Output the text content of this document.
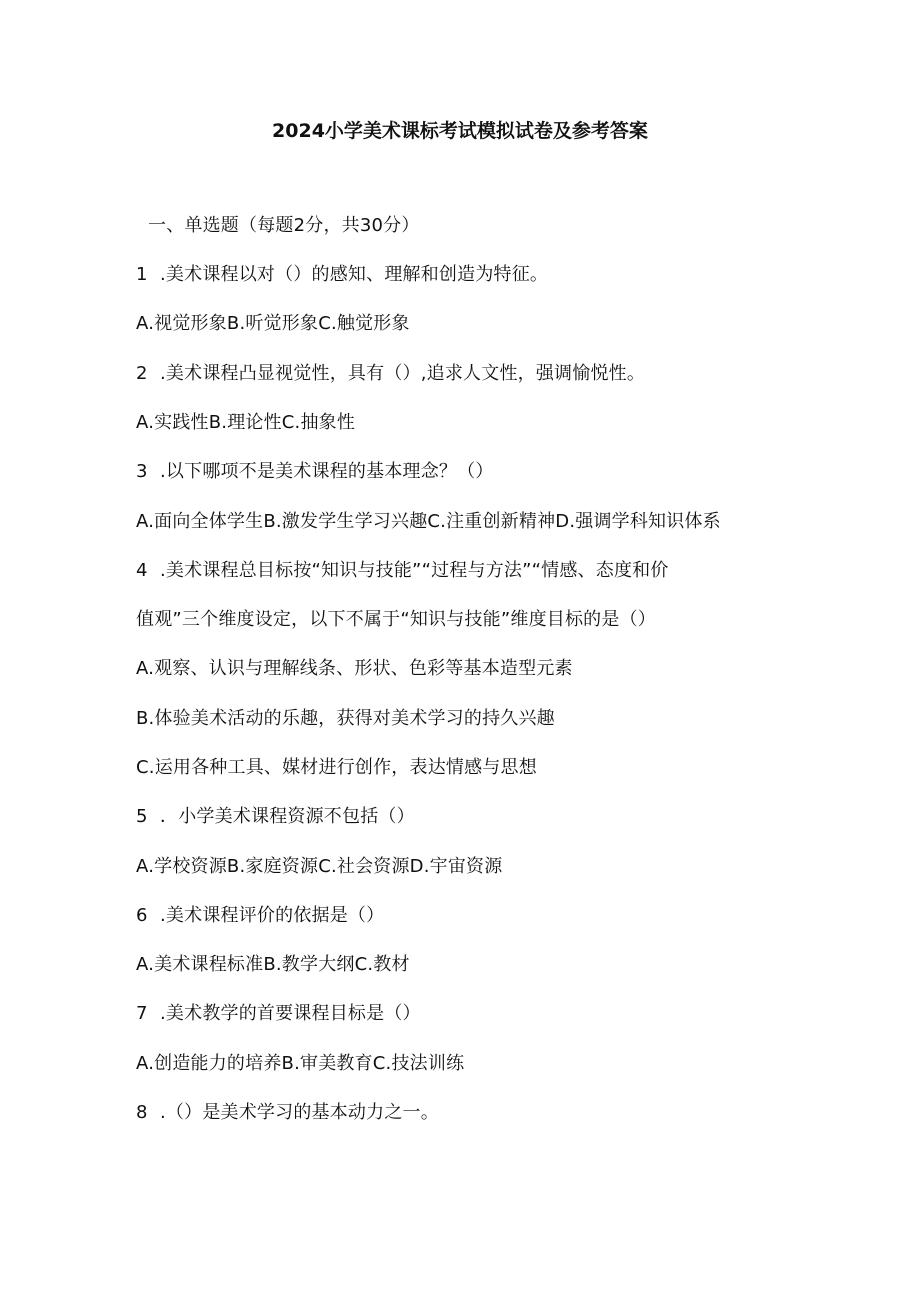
2024小学美术课标考试模拟试卷及参考答案
一、单选题（每题2分，共30分）
1 .美术课程以对（）的感知、理解和创造为特征。
A.视觉形象B.听觉形象C.触觉形象
2 .美术课程凸显视觉性，具有（）,追求人文性，强调愉悦性。
A.实践性B.理论性C.抽象性
3 .以下哪项不是美术课程的基本理念？（）
A.面向全体学生B.激发学生学习兴趣C.注重创新精神D.强调学科知识体系
4 .美术课程总目标按“知识与技能”“过程与方法”“情感、态度和价
值观”三个维度设定，以下不属于“知识与技能”维度目标的是（）
A.观察、认识与理解线条、形状、色彩等基本造型元素
B.体验美术活动的乐趣，获得对美术学习的持久兴趣
C.运用各种工具、媒材进行创作，表达情感与思想
5 ．小学美术课程资源不包括（）
A.学校资源B.家庭资源C.社会资源D.宇宙资源
6 .美术课程评价的依据是（）
A.美术课程标准B.教学大纲C.教材
7 .美术教学的首要课程目标是（）
A.创造能力的培养B.审美教育C.技法训练
8 .（）是美术学习的基本动力之一。
